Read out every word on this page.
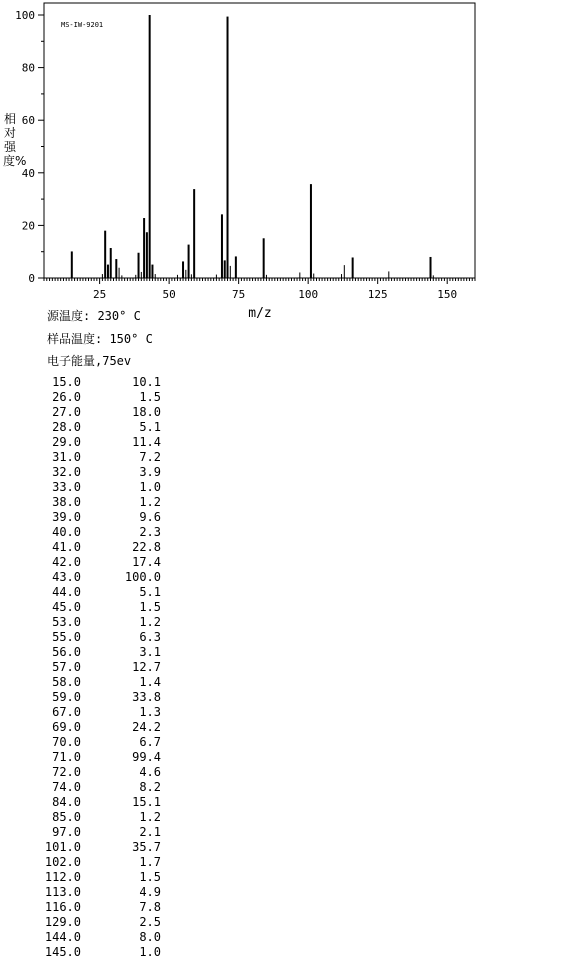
MS-IW-9201
25	50	75	100	125	150
0
20
40
60
80
100
m/z
相对强度%
源温度: 230° C
样品温度: 150° C
电子能量,75ev
15.0	10.1
26.0	1.5
27.0	18.0
28.0	5.1
29.0	11.4
31.0	7.2
32.0	3.9
33.0	1.0
38.0	1.2
39.0	9.6
40.0	2.3
41.0	22.8
42.0	17.4
43.0	100.0
44.0	5.1
45.0	1.5
53.0	1.2
55.0	6.3
56.0	3.1
57.0	12.7
58.0	1.4
59.0	33.8
67.0	1.3
69.0	24.2
70.0	6.7
71.0	99.4
72.0	4.6
74.0	8.2
84.0	15.1
85.0	1.2
97.0	2.1
101.0	35.7
102.0	1.7
112.0	1.5
113.0	4.9
116.0	7.8
129.0	2.5
144.0	8.0
145.0	1.0
